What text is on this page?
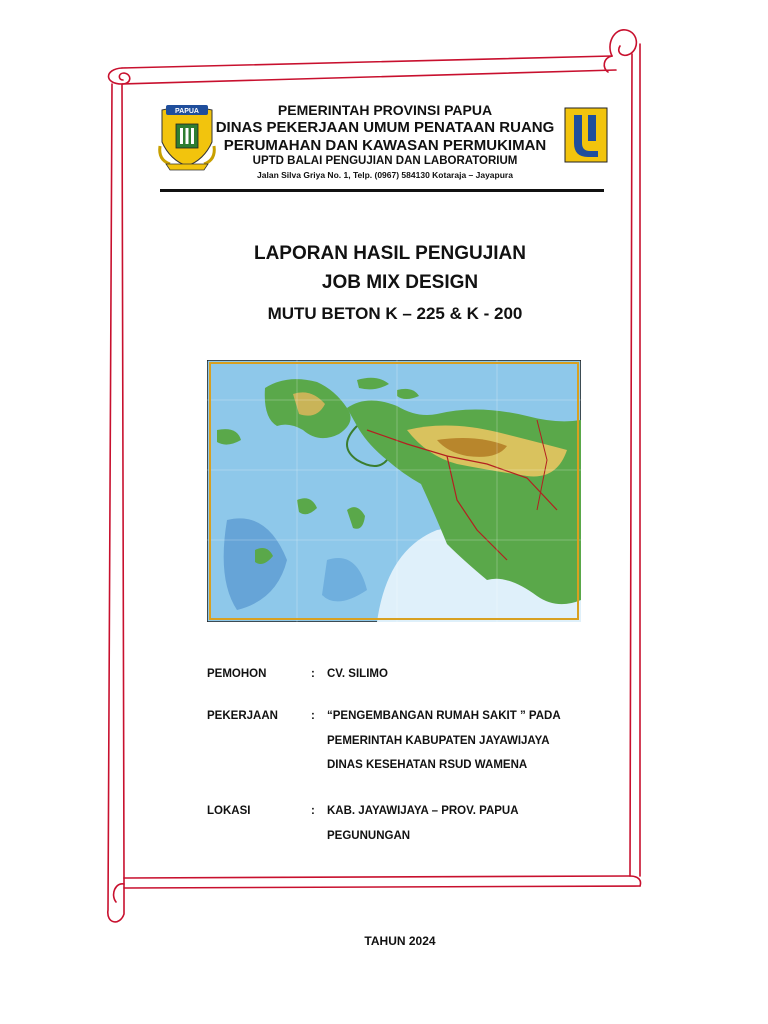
PAPUA	PEMERINTAH PROVINSI PAPUA
DINAS PEKERJAAN UMUM PENATAAN RUANG
PERUMAHAN DAN KAWASAN PERMUKIMAN
UPTD BALAI PENGUJIAN DAN LABORATORIUM
Jalan Silva Griya No. 1, Telp. (0967) 584130 Kotaraja – Jayapura
LAPORAN HASIL PENGUJIAN
JOB MIX DESIGN
MUTU BETON K – 225 & K - 200
PEMOHON	: CV. SILIMO
PEKERJAAN	: “PENGEMBANGAN RUMAH SAKIT ” PADA
PEMERINTAH KABUPATEN JAYAWIJAYA
DINAS KESEHATAN RSUD WAMENA
LOKASI	: KAB. JAYAWIJAYA – PROV. PAPUA
PEGUNUNGAN
TAHUN 2024
